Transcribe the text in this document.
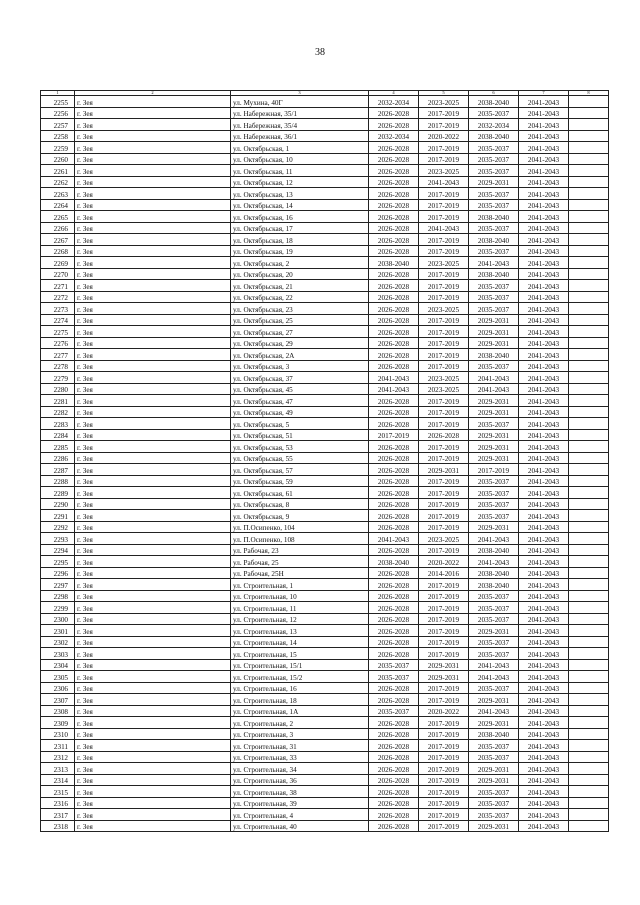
38
1	2	3	4	5	6	7	8
2255	г. Зея	ул. Мухина, 40Г	2032-2034	2023-2025	2038-2040	2041-2043	
2256	г. Зея	ул. Набережная, 35/1	2026-2028	2017-2019	2035-2037	2041-2043	
2257	г. Зея	ул. Набережная, 35/4	2026-2028	2017-2019	2032-2034	2041-2043	
2258	г. Зея	ул. Набережная, 36/1	2032-2034	2020-2022	2038-2040	2041-2043	
2259	г. Зея	ул. Октябрьская, 1	2026-2028	2017-2019	2035-2037	2041-2043	
2260	г. Зея	ул. Октябрьская, 10	2026-2028	2017-2019	2035-2037	2041-2043	
2261	г. Зея	ул. Октябрьская, 11	2026-2028	2023-2025	2035-2037	2041-2043	
2262	г. Зея	ул. Октябрьская, 12	2026-2028	2041-2043	2029-2031	2041-2043	
2263	г. Зея	ул. Октябрьская, 13	2026-2028	2017-2019	2035-2037	2041-2043	
2264	г. Зея	ул. Октябрьская, 14	2026-2028	2017-2019	2035-2037	2041-2043	
2265	г. Зея	ул. Октябрьская, 16	2026-2028	2017-2019	2038-2040	2041-2043	
2266	г. Зея	ул. Октябрьская, 17	2026-2028	2041-2043	2035-2037	2041-2043	
2267	г. Зея	ул. Октябрьская, 18	2026-2028	2017-2019	2038-2040	2041-2043	
2268	г. Зея	ул. Октябрьская, 19	2026-2028	2017-2019	2035-2037	2041-2043	
2269	г. Зея	ул. Октябрьская, 2	2038-2040	2023-2025	2041-2043	2041-2043	
2270	г. Зея	ул. Октябрьская, 20	2026-2028	2017-2019	2038-2040	2041-2043	
2271	г. Зея	ул. Октябрьская, 21	2026-2028	2017-2019	2035-2037	2041-2043	
2272	г. Зея	ул. Октябрьская, 22	2026-2028	2017-2019	2035-2037	2041-2043	
2273	г. Зея	ул. Октябрьская, 23	2026-2028	2023-2025	2035-2037	2041-2043	
2274	г. Зея	ул. Октябрьская, 25	2026-2028	2017-2019	2029-2031	2041-2043	
2275	г. Зея	ул. Октябрьская, 27	2026-2028	2017-2019	2029-2031	2041-2043	
2276	г. Зея	ул. Октябрьская, 29	2026-2028	2017-2019	2029-2031	2041-2043	
2277	г. Зея	ул. Октябрьская, 2А	2026-2028	2017-2019	2038-2040	2041-2043	
2278	г. Зея	ул. Октябрьская, 3	2026-2028	2017-2019	2035-2037	2041-2043	
2279	г. Зея	ул. Октябрьская, 37	2041-2043	2023-2025	2041-2043	2041-2043	
2280	г. Зея	ул. Октябрьская, 45	2041-2043	2023-2025	2041-2043	2041-2043	
2281	г. Зея	ул. Октябрьская, 47	2026-2028	2017-2019	2029-2031	2041-2043	
2282	г. Зея	ул. Октябрьская, 49	2026-2028	2017-2019	2029-2031	2041-2043	
2283	г. Зея	ул. Октябрьская, 5	2026-2028	2017-2019	2035-2037	2041-2043	
2284	г. Зея	ул. Октябрьская, 51	2017-2019	2026-2028	2029-2031	2041-2043	
2285	г. Зея	ул. Октябрьская, 53	2026-2028	2017-2019	2029-2031	2041-2043	
2286	г. Зея	ул. Октябрьская, 55	2026-2028	2017-2019	2029-2031	2041-2043	
2287	г. Зея	ул. Октябрьская, 57	2026-2028	2029-2031	2017-2019	2041-2043	
2288	г. Зея	ул. Октябрьская, 59	2026-2028	2017-2019	2035-2037	2041-2043	
2289	г. Зея	ул. Октябрьская, 61	2026-2028	2017-2019	2035-2037	2041-2043	
2290	г. Зея	ул. Октябрьская, 8	2026-2028	2017-2019	2035-2037	2041-2043	
2291	г. Зея	ул. Октябрьская, 9	2026-2028	2017-2019	2035-2037	2041-2043	
2292	г. Зея	ул. П.Осипенко, 104	2026-2028	2017-2019	2029-2031	2041-2043	
2293	г. Зея	ул. П.Осипенко, 108	2041-2043	2023-2025	2041-2043	2041-2043	
2294	г. Зея	ул. Рабочая, 23	2026-2028	2017-2019	2038-2040	2041-2043	
2295	г. Зея	ул. Рабочая, 25	2038-2040	2020-2022	2041-2043	2041-2043	
2296	г. Зея	ул. Рабочая, 25Н	2026-2028	2014-2016	2038-2040	2041-2043	
2297	г. Зея	ул. Строительная, 1	2026-2028	2017-2019	2038-2040	2041-2043	
2298	г. Зея	ул. Строительная, 10	2026-2028	2017-2019	2035-2037	2041-2043	
2299	г. Зея	ул. Строительная, 11	2026-2028	2017-2019	2035-2037	2041-2043	
2300	г. Зея	ул. Строительная, 12	2026-2028	2017-2019	2035-2037	2041-2043	
2301	г. Зея	ул. Строительная, 13	2026-2028	2017-2019	2029-2031	2041-2043	
2302	г. Зея	ул. Строительная, 14	2026-2028	2017-2019	2035-2037	2041-2043	
2303	г. Зея	ул. Строительная, 15	2026-2028	2017-2019	2035-2037	2041-2043	
2304	г. Зея	ул. Строительная, 15/1	2035-2037	2029-2031	2041-2043	2041-2043	
2305	г. Зея	ул. Строительная, 15/2	2035-2037	2029-2031	2041-2043	2041-2043	
2306	г. Зея	ул. Строительная, 16	2026-2028	2017-2019	2035-2037	2041-2043	
2307	г. Зея	ул. Строительная, 18	2026-2028	2017-2019	2029-2031	2041-2043	
2308	г. Зея	ул. Строительная, 1А	2035-2037	2020-2022	2041-2043	2041-2043	
2309	г. Зея	ул. Строительная, 2	2026-2028	2017-2019	2029-2031	2041-2043	
2310	г. Зея	ул. Строительная, 3	2026-2028	2017-2019	2038-2040	2041-2043	
2311	г. Зея	ул. Строительная, 31	2026-2028	2017-2019	2035-2037	2041-2043	
2312	г. Зея	ул. Строительная, 33	2026-2028	2017-2019	2035-2037	2041-2043	
2313	г. Зея	ул. Строительная, 34	2026-2028	2017-2019	2029-2031	2041-2043	
2314	г. Зея	ул. Строительная, 36	2026-2028	2017-2019	2029-2031	2041-2043	
2315	г. Зея	ул. Строительная, 38	2026-2028	2017-2019	2035-2037	2041-2043	
2316	г. Зея	ул. Строительная, 39	2026-2028	2017-2019	2035-2037	2041-2043	
2317	г. Зея	ул. Строительная, 4	2026-2028	2017-2019	2035-2037	2041-2043	
2318	г. Зея	ул. Строительная, 40	2026-2028	2017-2019	2029-2031	2041-2043	
